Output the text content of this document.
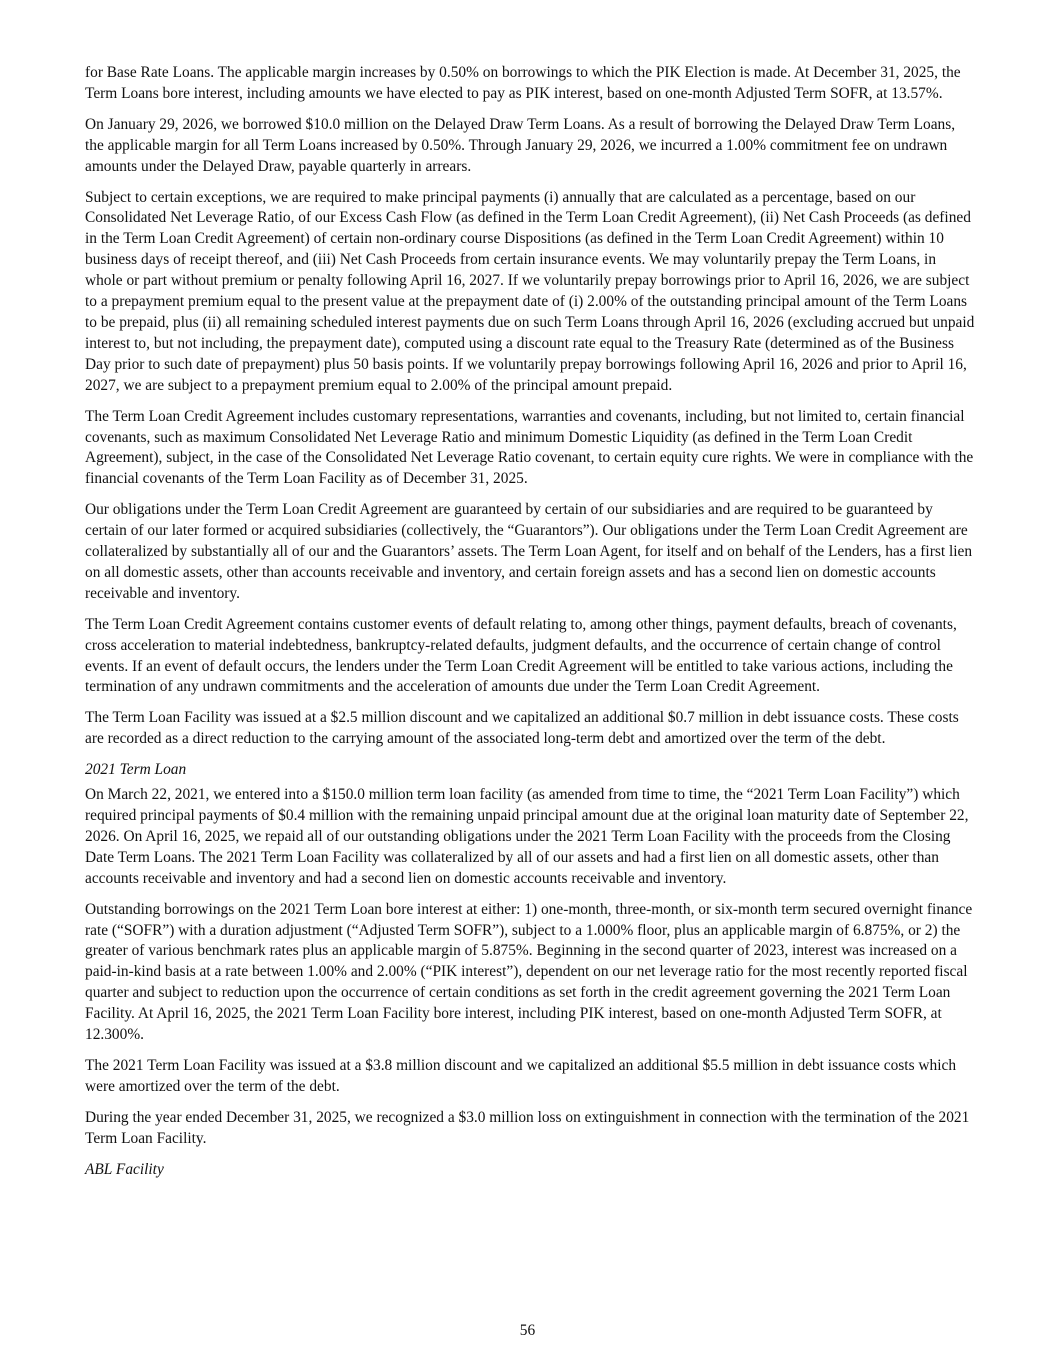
for Base Rate Loans. The applicable margin increases by 0.50% on borrowings to which the PIK Election is made. At December 31, 2025, the Term Loans bore interest, including amounts we have elected to pay as PIK interest, based on one-month Adjusted Term SOFR, at 13.57%.

On January 29, 2026, we borrowed $10.0 million on the Delayed Draw Term Loans. As a result of borrowing the Delayed Draw Term Loans, the applicable margin for all Term Loans increased by 0.50%. Through January 29, 2026, we incurred a 1.00% commitment fee on undrawn amounts under the Delayed Draw, payable quarterly in arrears.

Subject to certain exceptions, we are required to make principal payments (i) annually that are calculated as a percentage, based on our Consolidated Net Leverage Ratio, of our Excess Cash Flow (as defined in the Term Loan Credit Agreement), (ii) Net Cash Proceeds (as defined in the Term Loan Credit Agreement) of certain non-ordinary course Dispositions (as defined in the Term Loan Credit Agreement) within 10 business days of receipt thereof, and (iii) Net Cash Proceeds from certain insurance events. We may voluntarily prepay the Term Loans, in whole or part without premium or penalty following April 16, 2027. If we voluntarily prepay borrowings prior to April 16, 2026, we are subject to a prepayment premium equal to the present value at the prepayment date of (i) 2.00% of the outstanding principal amount of the Term Loans to be prepaid, plus (ii) all remaining scheduled interest payments due on such Term Loans through April 16, 2026 (excluding accrued but unpaid interest to, but not including, the prepayment date), computed using a discount rate equal to the Treasury Rate (determined as of the Business Day prior to such date of prepayment) plus 50 basis points. If we voluntarily prepay borrowings following April 16, 2026 and prior to April 16, 2027, we are subject to a prepayment premium equal to 2.00% of the principal amount prepaid.

The Term Loan Credit Agreement includes customary representations, warranties and covenants, including, but not limited to, certain financial covenants, such as maximum Consolidated Net Leverage Ratio and minimum Domestic Liquidity (as defined in the Term Loan Credit Agreement), subject, in the case of the Consolidated Net Leverage Ratio covenant, to certain equity cure rights. We were in compliance with the financial covenants of the Term Loan Facility as of December 31, 2025.

Our obligations under the Term Loan Credit Agreement are guaranteed by certain of our subsidiaries and are required to be guaranteed by certain of our later formed or acquired subsidiaries (collectively, the “Guarantors”). Our obligations under the Term Loan Credit Agreement are collateralized by substantially all of our and the Guarantors’ assets. The Term Loan Agent, for itself and on behalf of the Lenders, has a first lien on all domestic assets, other than accounts receivable and inventory, and certain foreign assets and has a second lien on domestic accounts receivable and inventory.

The Term Loan Credit Agreement contains customer events of default relating to, among other things, payment defaults, breach of covenants, cross acceleration to material indebtedness, bankruptcy-related defaults, judgment defaults, and the occurrence of certain change of control events. If an event of default occurs, the lenders under the Term Loan Credit Agreement will be entitled to take various actions, including the termination of any undrawn commitments and the acceleration of amounts due under the Term Loan Credit Agreement.

The Term Loan Facility was issued at a $2.5 million discount and we capitalized an additional $0.7 million in debt issuance costs. These costs are recorded as a direct reduction to the carrying amount of the associated long-term debt and amortized over the term of the debt.

2021 Term Loan

On March 22, 2021, we entered into a $150.0 million term loan facility (as amended from time to time, the “2021 Term Loan Facility”) which required principal payments of $0.4 million with the remaining unpaid principal amount due at the original loan maturity date of September 22, 2026. On April 16, 2025, we repaid all of our outstanding obligations under the 2021 Term Loan Facility with the proceeds from the Closing Date Term Loans. The 2021 Term Loan Facility was collateralized by all of our assets and had a first lien on all domestic assets, other than accounts receivable and inventory and had a second lien on domestic accounts receivable and inventory.

Outstanding borrowings on the 2021 Term Loan bore interest at either: 1) one-month, three-month, or six-month term secured overnight finance rate (“SOFR”) with a duration adjustment (“Adjusted Term SOFR”), subject to a 1.000% floor, plus an applicable margin of 6.875%, or 2) the greater of various benchmark rates plus an applicable margin of 5.875%. Beginning in the second quarter of 2023, interest was increased on a paid-in-kind basis at a rate between 1.00% and 2.00% (“PIK interest”), dependent on our net leverage ratio for the most recently reported fiscal quarter and subject to reduction upon the occurrence of certain conditions as set forth in the credit agreement governing the 2021 Term Loan Facility. At April 16, 2025, the 2021 Term Loan Facility bore interest, including PIK interest, based on one-month Adjusted Term SOFR, at 12.300%.

The 2021 Term Loan Facility was issued at a $3.8 million discount and we capitalized an additional $5.5 million in debt issuance costs which were amortized over the term of the debt.

During the year ended December 31, 2025, we recognized a $3.0 million loss on extinguishment in connection with the termination of the 2021 Term Loan Facility.

ABL Facility

56
